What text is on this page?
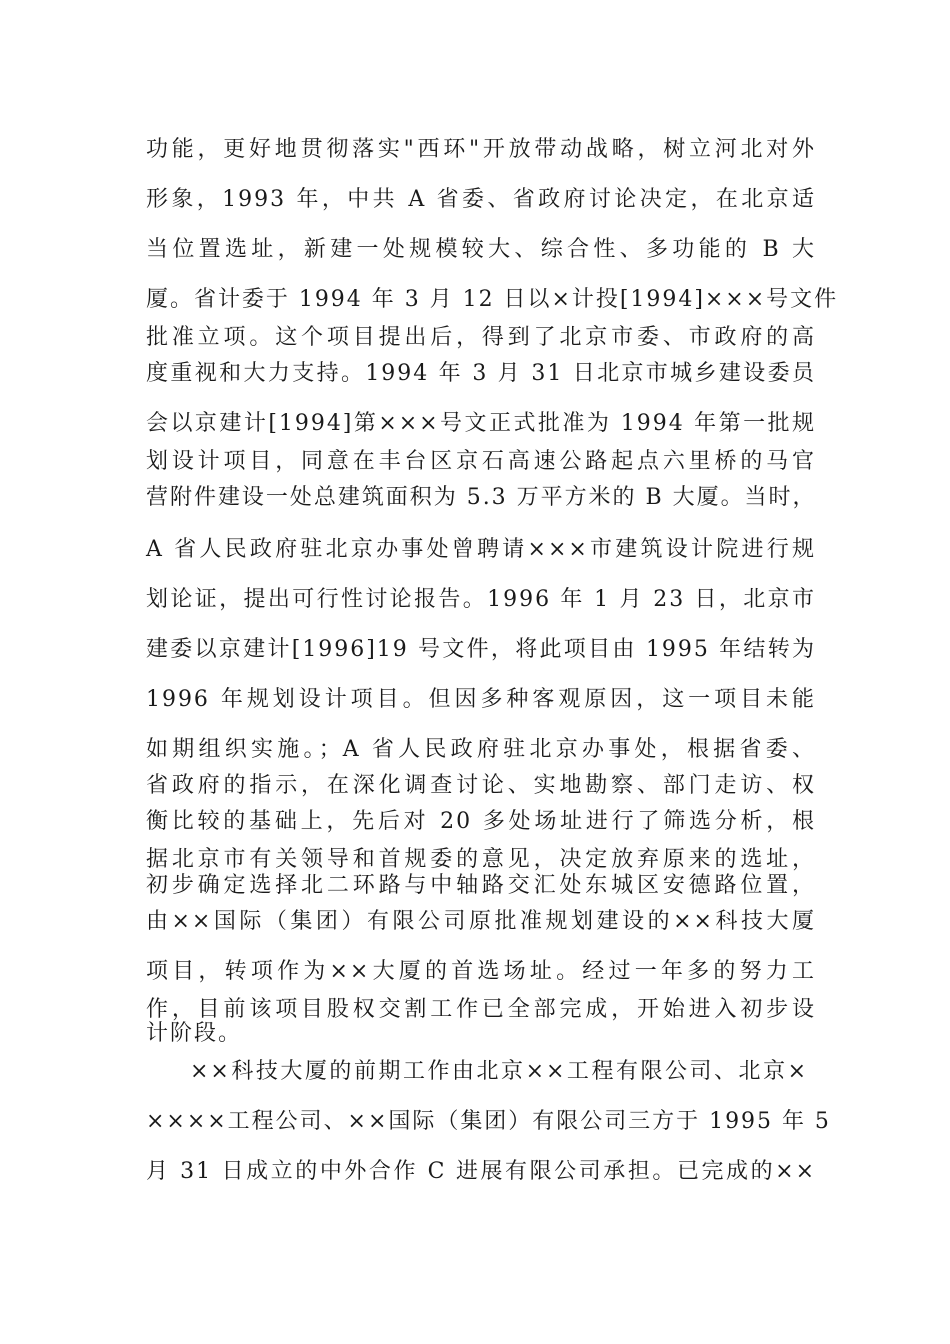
功能，更好地贯彻落实"西环"开放带动战略，树立河北对外
形象，1993 年，中共 A 省委、省政府讨论决定，在北京适
当位置选址，新建一处规模较大、综合性、多功能的 B 大
厦。省计委于 1994 年 3 月 12 日以×计投[1994]×××号文件
批准立项。这个项目提出后，得到了北京市委、市政府的高
度重视和大力支持。1994 年 3 月 31 日北京市城乡建设委员
会以京建计[1994]第×××号文正式批准为 1994 年第一批规
划设计项目，同意在丰台区京石高速公路起点六里桥的马官
营附件建设一处总建筑面积为 5.3 万平方米的 B 大厦。当时，
A 省人民政府驻北京办事处曾聘请×××市建筑设计院进行规
划论证，提出可行性讨论报告。1996 年 1 月 23 日，北京市
建委以京建计[1996]19 号文件，将此项目由 1995 年结转为
1996 年规划设计项目。但因多种客观原因，这一项目未能
如期组织实施。；A 省人民政府驻北京办事处，根据省委、
省政府的指示，在深化调查讨论、实地勘察、部门走访、权
衡比较的基础上，先后对 20 多处场址进行了筛选分析，根
据北京市有关领导和首规委的意见，决定放弃原来的选址，
初步确定选择北二环路与中轴路交汇处东城区安德路位置，
由××国际（集团）有限公司原批准规划建设的××科技大厦
项目，转项作为××大厦的首选场址。经过一年多的努力工
作，目前该项目股权交割工作已全部完成，开始进入初步设
计阶段。
××科技大厦的前期工作由北京××工程有限公司、北京×
××××工程公司、××国际（集团）有限公司三方于 1995 年 5
月 31 日成立的中外合作 C 进展有限公司承担。已完成的××
